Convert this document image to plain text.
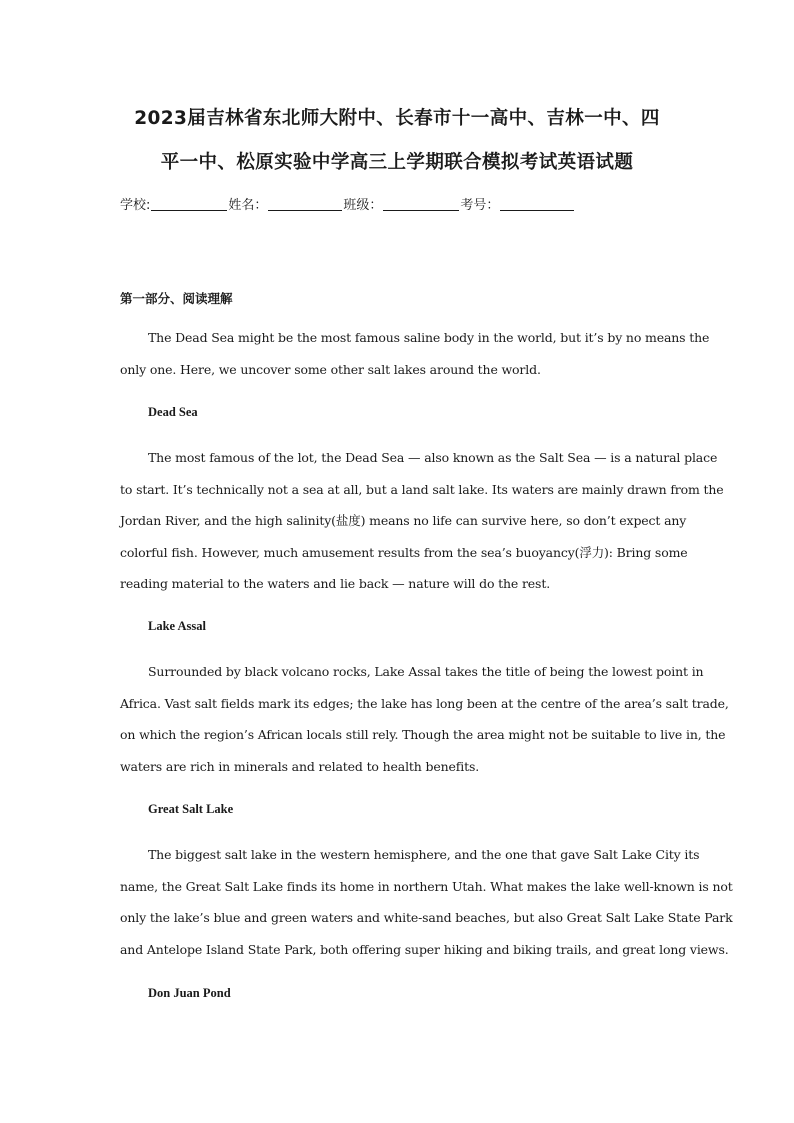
2023届吉林省东北师大附中、长春市十一高中、吉林一中、四
平一中、松原实验中学高三上学期联合模拟考试英语试题
学校:	姓名：	班级：	考号：
第一部分、阅读理解
The Dead Sea might be the most famous saline body in the world, but it’s by no means the
only one. Here, we uncover some other salt lakes around the world.
Dead Sea
The most famous of the lot, the Dead Sea — also known as the Salt Sea — is a natural place
to start. It’s technically not a sea at all, but a land salt lake. Its waters are mainly drawn from the
Jordan River, and the high salinity(盐度) means no life can survive here, so don’t expect any
colorful fish. However, much amusement results from the sea’s buoyancy(浮力): Bring some
reading material to the waters and lie back — nature will do the rest.
Lake Assal
Surrounded by black volcano rocks, Lake Assal takes the title of being the lowest point in
Africa. Vast salt fields mark its edges; the lake has long been at the centre of the area’s salt trade,
on which the region’s African locals still rely. Though the area might not be suitable to live in, the
waters are rich in minerals and related to health benefits.
Great Salt Lake
The biggest salt lake in the western hemisphere, and the one that gave Salt Lake City its
name, the Great Salt Lake finds its home in northern Utah. What makes the lake well-known is not
only the lake’s blue and green waters and white-sand beaches, but also Great Salt Lake State Park
and Antelope Island State Park, both offering super hiking and biking trails, and great long views.
Don Juan Pond
